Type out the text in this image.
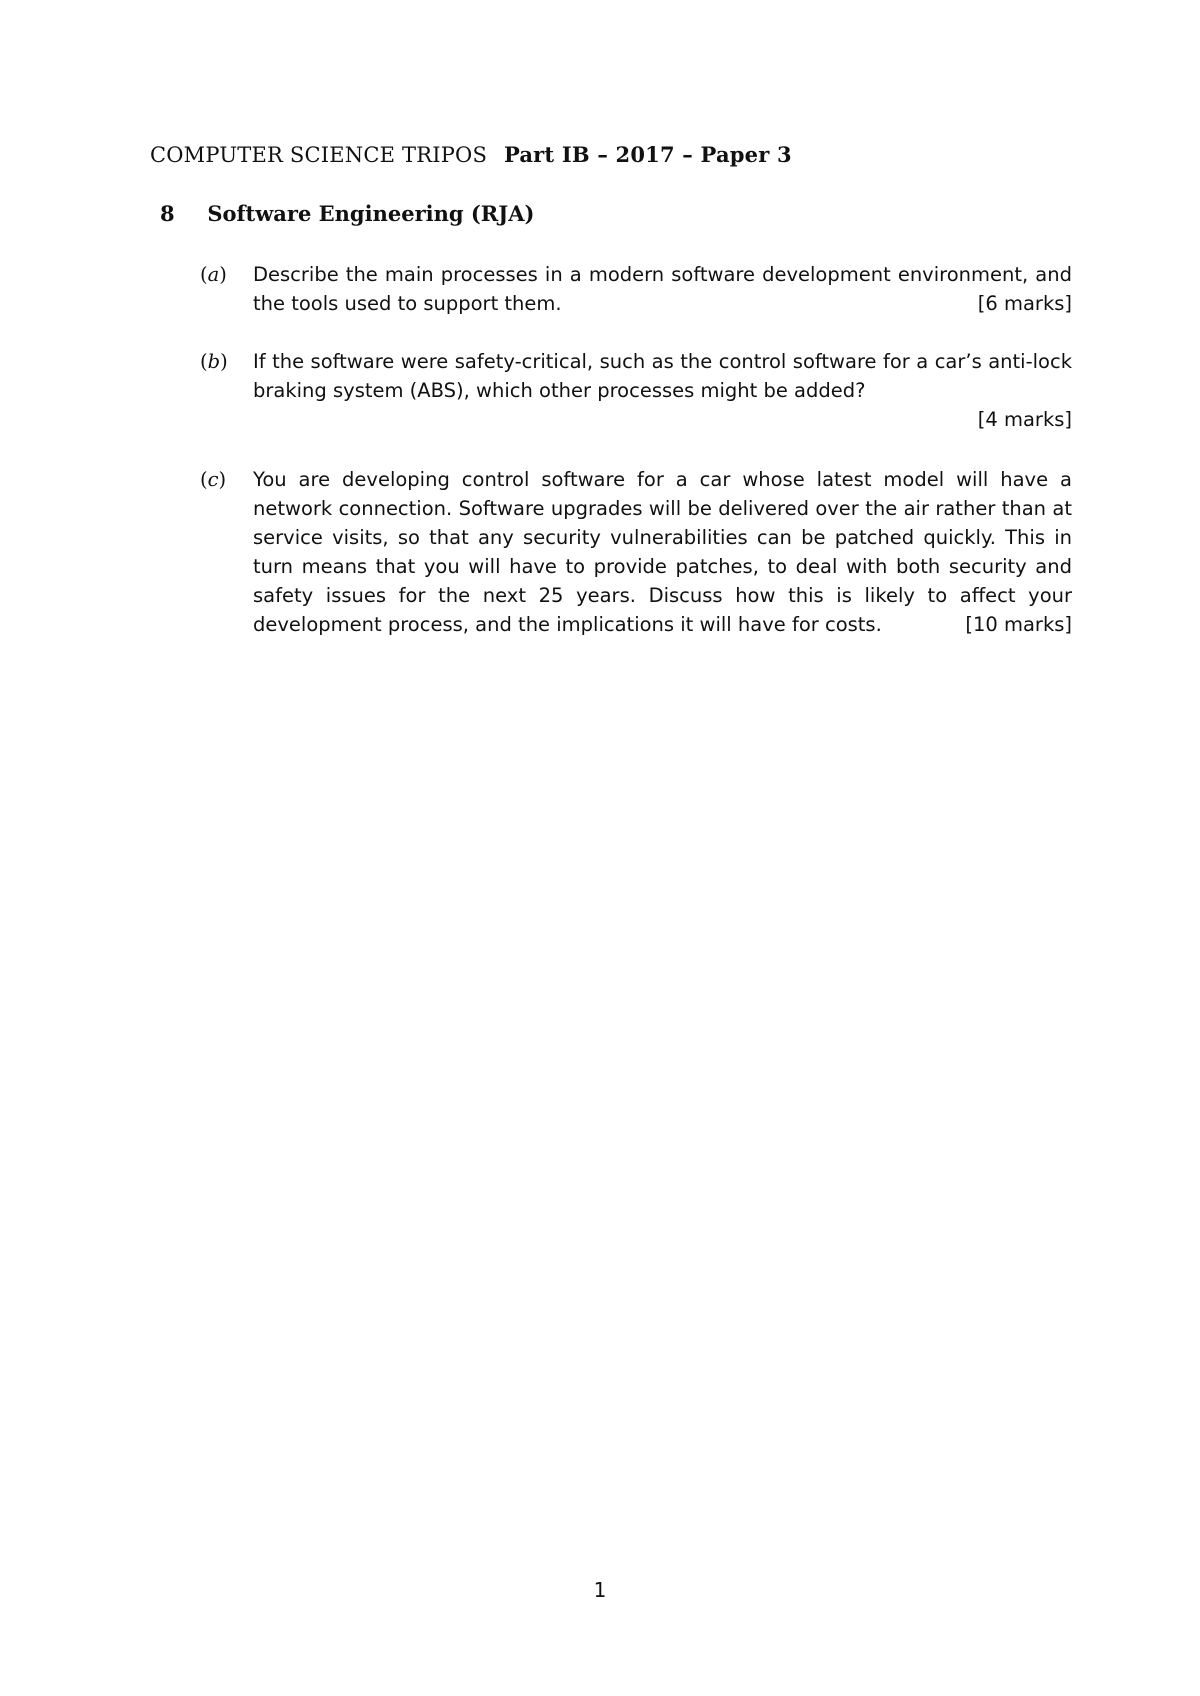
COMPUTER SCIENCE TRIPOS Part IB – 2017 – Paper 3
8 Software Engineering (RJA)
(a)	Describe the main processes in a modern software development environment, and the tools used to support them.	[6 marks]
(b)	If the software were safety-critical, such as the control software for a car’s anti-lock braking system (ABS), which other processes might be added?
[4 marks]
(c)	You are developing control software for a car whose latest model will have a network connection. Software upgrades will be delivered over the air rather than at service visits, so that any security vulnerabilities can be patched quickly. This in turn means that you will have to provide patches, to deal with both security and safety issues for the next 25 years. Discuss how this is likely to affect your development process, and the implications it will have for costs.	[10 marks]
1
